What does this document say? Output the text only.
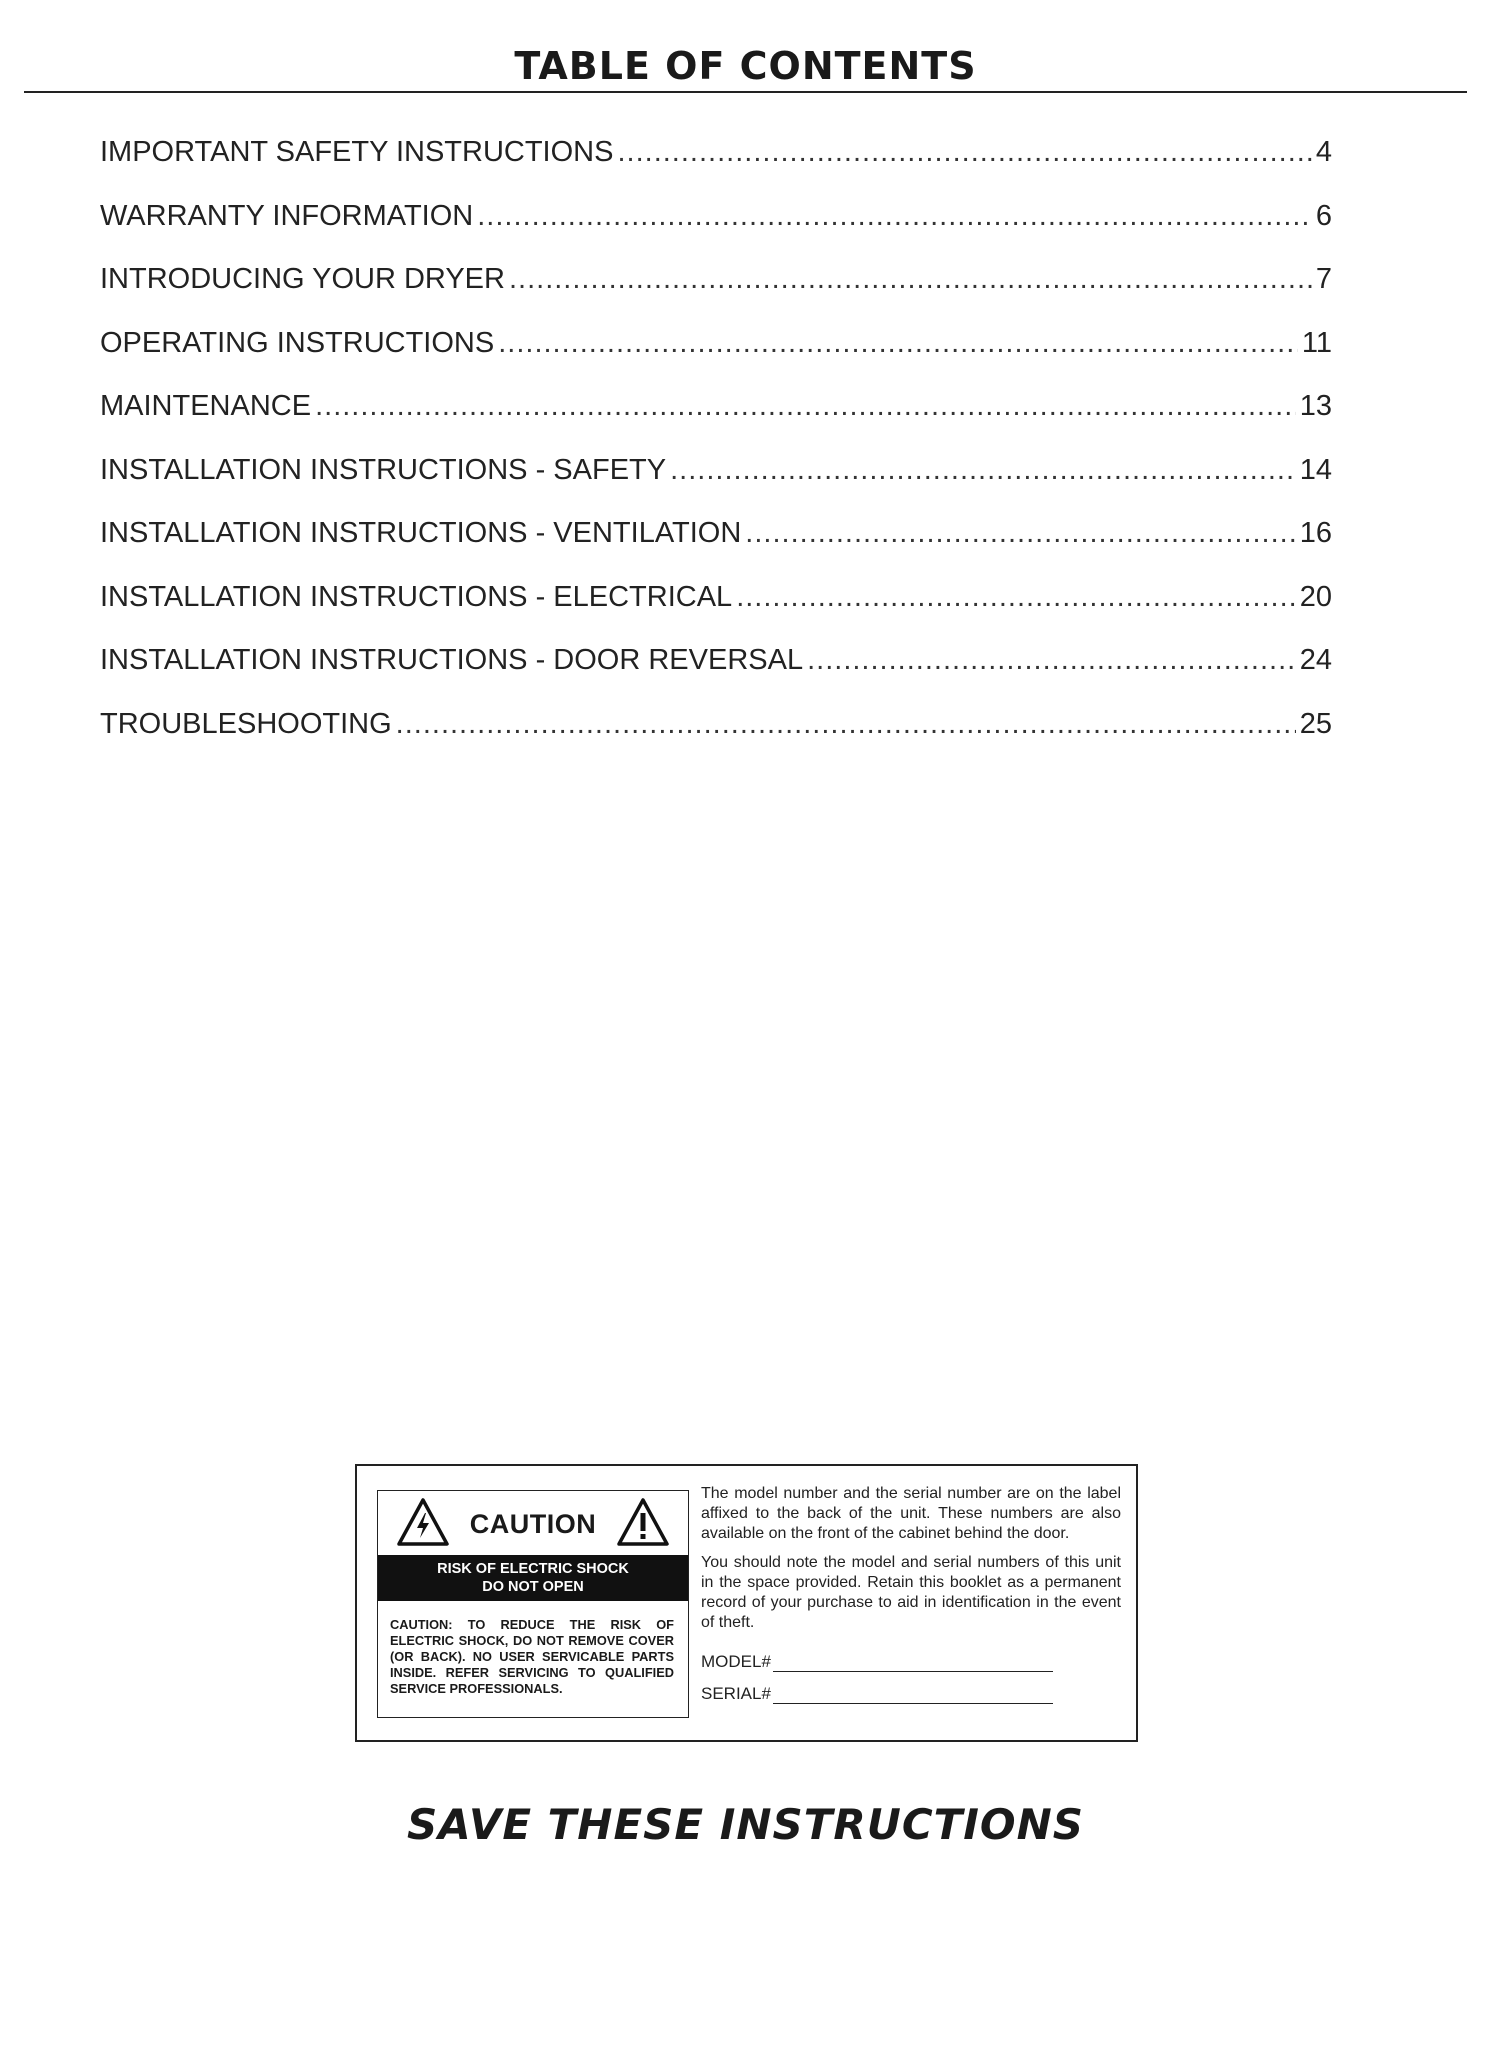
TABLE OF CONTENTS
IMPORTANT SAFETY INSTRUCTIONS .....	4
WARRANTY INFORMATION .....	6
INTRODUCING YOUR DRYER .....	7
OPERATING INSTRUCTIONS .....	11
MAINTENANCE .....	13
INSTALLATION INSTRUCTIONS - SAFETY .....	14
INSTALLATION INSTRUCTIONS - VENTILATION .....	16
INSTALLATION INSTRUCTIONS - ELECTRICAL .....	20
INSTALLATION INSTRUCTIONS - DOOR REVERSAL .....	24
TROUBLESHOOTING .....	25
CAUTION
RISK OF ELECTRIC SHOCK
DO NOT OPEN
CAUTION: TO REDUCE THE RISK OF ELECTRIC SHOCK, DO NOT REMOVE COVER (OR BACK). NO USER SERVICABLE PARTS INSIDE. REFER SERVICING TO QUALIFIED SERVICE PROFESSIONALS.

The model number and the serial number are on the label affixed to the back of the unit. These numbers are also available on the front of the cabinet behind the door.

You should note the model and serial numbers of this unit in the space provided. Retain this booklet as a permanent record of your purchase to aid in identification in the event of theft.

MODEL#
SERIAL#
SAVE THESE INSTRUCTIONS
